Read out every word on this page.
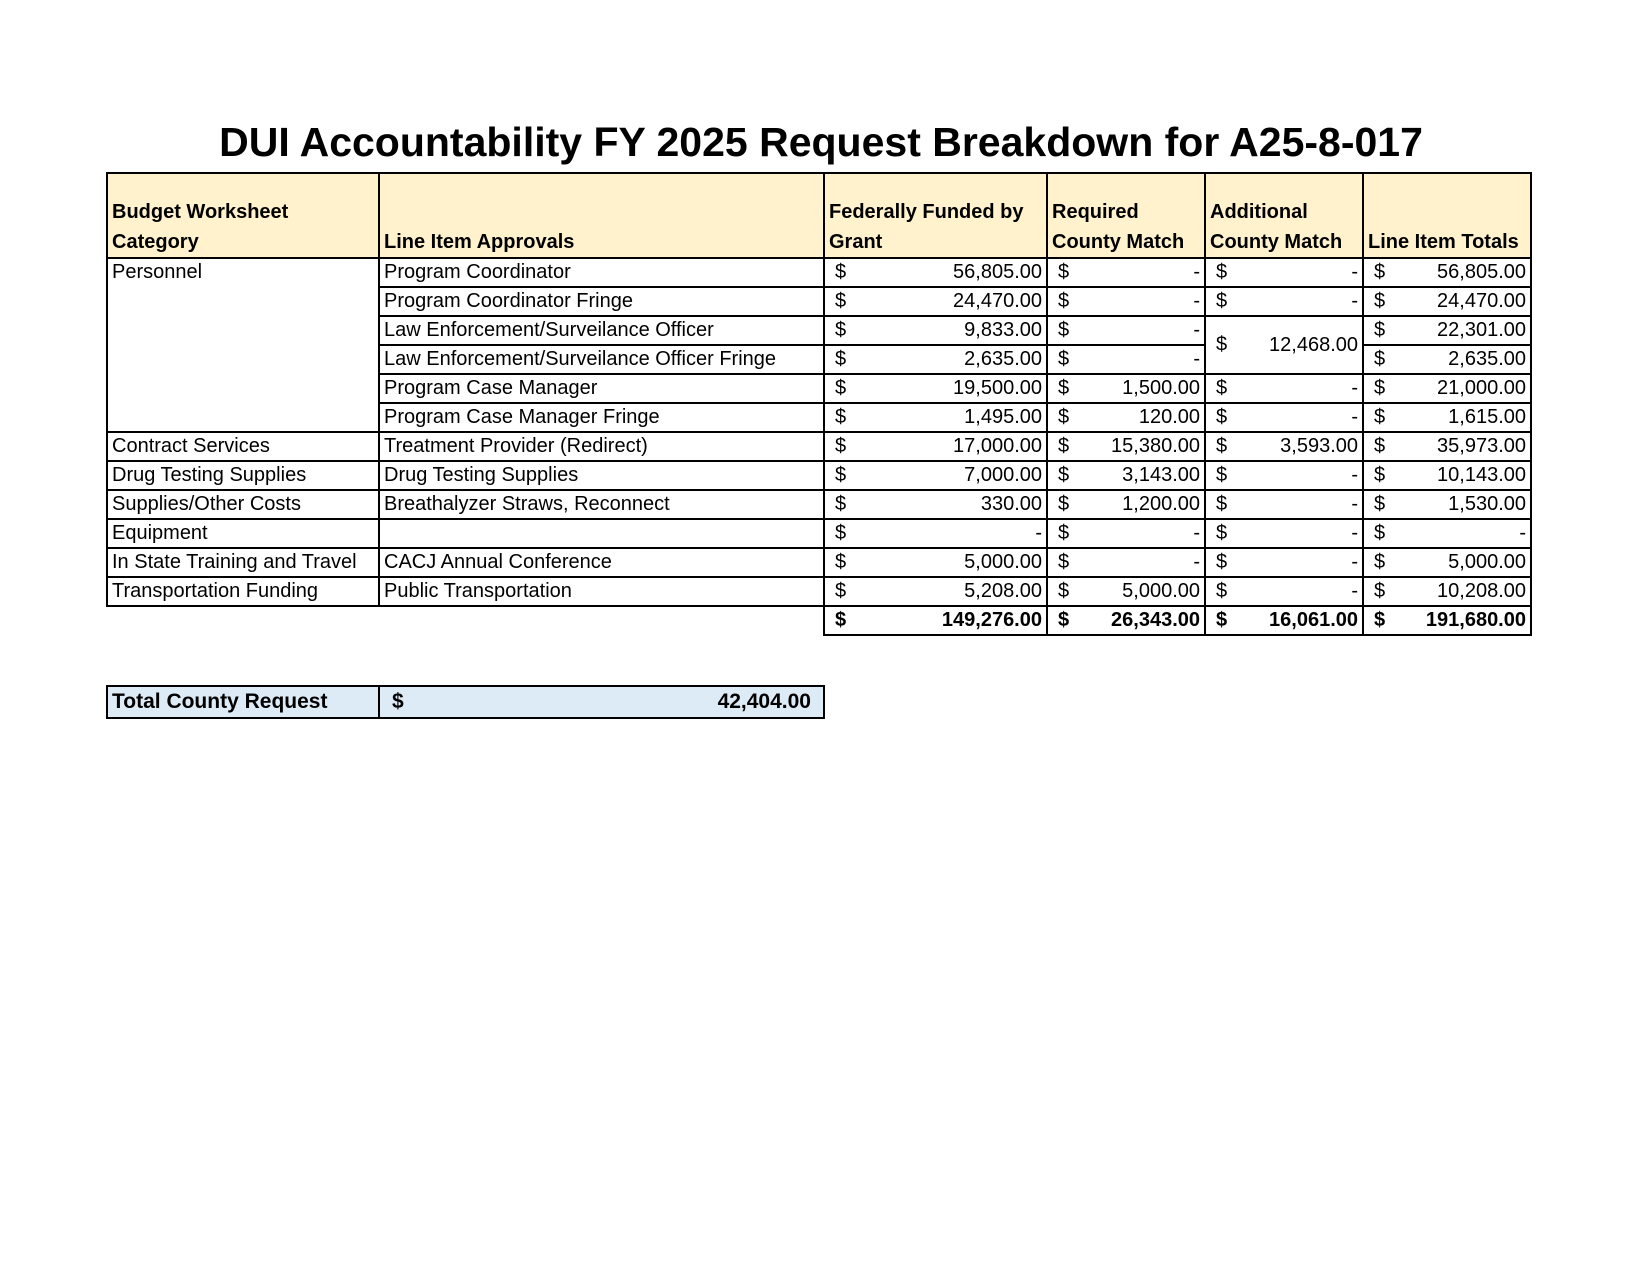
DUI Accountability FY 2025 Request Breakdown for A25-8-017
Budget Worksheet Category	Line Item Approvals	Federally Funded by Grant	Required County Match	Additional County Match	Line Item Totals
Personnel	Program Coordinator	$ 56,805.00	$ -	$ -	$ 56,805.00

	Program Coordinator Fringe	$ 24,470.00	$ -	$ -	$ 24,470.00

	Law Enforcement/Surveilance Officer	$ 9,833.00	$ -	$ 12,468.00	$ 22,301.00

	Law Enforcement/Surveilance Officer Fringe	$ 2,635.00	$ -		$ 2,635.00

	Program Case Manager	$ 19,500.00	$ 1,500.00	$ -	$ 21,000.00

	Program Case Manager Fringe	$ 1,495.00	$ 120.00	$ -	$ 1,615.00

Contract Services	Treatment Provider (Redirect)	$ 17,000.00	$ 15,380.00	$ 3,593.00	$ 35,973.00

Drug Testing Supplies	Drug Testing Supplies	$ 7,000.00	$ 3,143.00	$ -	$ 10,143.00

Supplies/Other Costs	Breathalyzer Straws, Reconnect	$ 330.00	$ 1,200.00	$ -	$ 1,530.00

Equipment		$ -	$ -	$ -	$ -

In State Training and Travel	CACJ Annual Conference	$ 5,000.00	$ -	$ -	$ 5,000.00

Transportation Funding	Public Transportation	$ 5,208.00	$ 5,000.00	$ -	$ 10,208.00

		$ 149,276.00	$ 26,343.00	$ 16,061.00	$ 191,680.00
Total County Request	$	42,404.00
